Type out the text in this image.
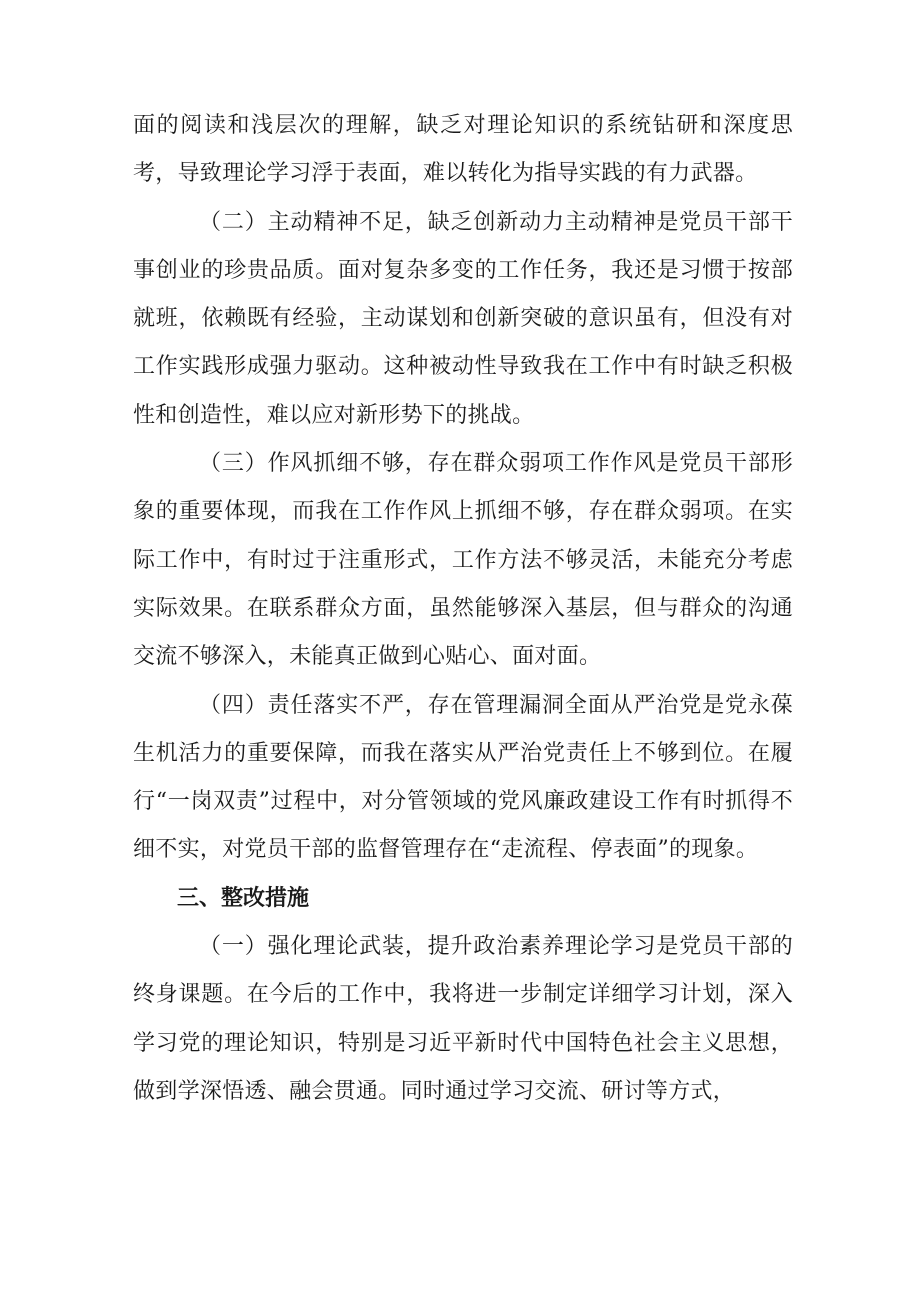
面的阅读和浅层次的理解，缺乏对理论知识的系统钻研和深度思考，导致理论学习浮于表面，难以转化为指导实践的有力武器。

（二）主动精神不足，缺乏创新动力主动精神是党员干部干事创业的珍贵品质。面对复杂多变的工作任务，我还是习惯于按部就班，依赖既有经验，主动谋划和创新突破的意识虽有，但没有对工作实践形成强力驱动。这种被动性导致我在工作中有时缺乏积极性和创造性，难以应对新形势下的挑战。

（三）作风抓细不够，存在群众弱项工作作风是党员干部形象的重要体现，而我在工作作风上抓细不够，存在群众弱项。在实际工作中，有时过于注重形式，工作方法不够灵活，未能充分考虑实际效果。在联系群众方面，虽然能够深入基层，但与群众的沟通交流不够深入，未能真正做到心贴心、面对面。

（四）责任落实不严，存在管理漏洞全面从严治党是党永葆生机活力的重要保障，而我在落实从严治党责任上不够到位。在履行“一岗双责”过程中，对分管领域的党风廉政建设工作有时抓得不细不实，对党员干部的监督管理存在“走流程、停表面”的现象。

三、整改措施

（一）强化理论武装，提升政治素养理论学习是党员干部的终身课题。在今后的工作中，我将进一步制定详细学习计划，深入学习党的理论知识，特别是习近平新时代中国特色社会主义思想，做到学深悟透、融会贯通。同时通过学习交流、研讨等方式，
